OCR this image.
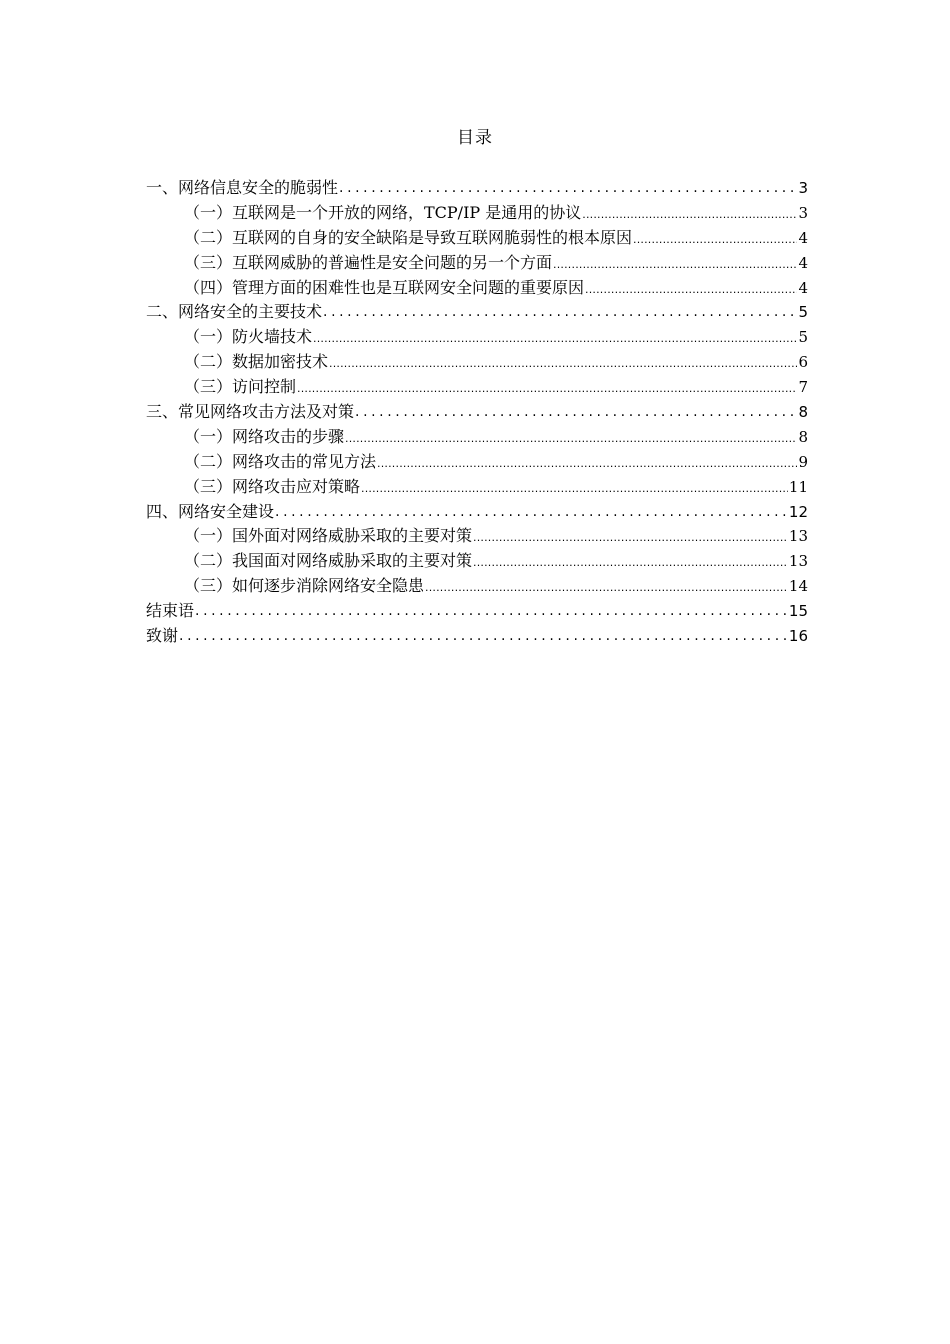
目录
一、网络信息安全的脆弱性 .....	3
（一）互联网是一个开放的网络，TCP/IP 是通用的协议 .....	3
（二）互联网的自身的安全缺陷是导致互联网脆弱性的根本原因 .....	4
（三）互联网威胁的普遍性是安全问题的另一个方面 .....	4
（四）管理方面的困难性也是互联网安全问题的重要原因 .....	4
二、网络安全的主要技术 .....	5
（一）防火墙技术 .....	5
（二）数据加密技术 .....	6
（三）访问控制 .....	7
三、常见网络攻击方法及对策 .....	8
（一）网络攻击的步骤 .....	8
（二）网络攻击的常见方法 .....	9
（三）网络攻击应对策略 .....	11
四、网络安全建设 .....	12
（一）国外面对网络威胁采取的主要对策 .....	13
（二）我国面对网络威胁采取的主要对策 .....	13
（三）如何逐步消除网络安全隐患 .....	14
结束语 .....	15
致谢 .....	16
